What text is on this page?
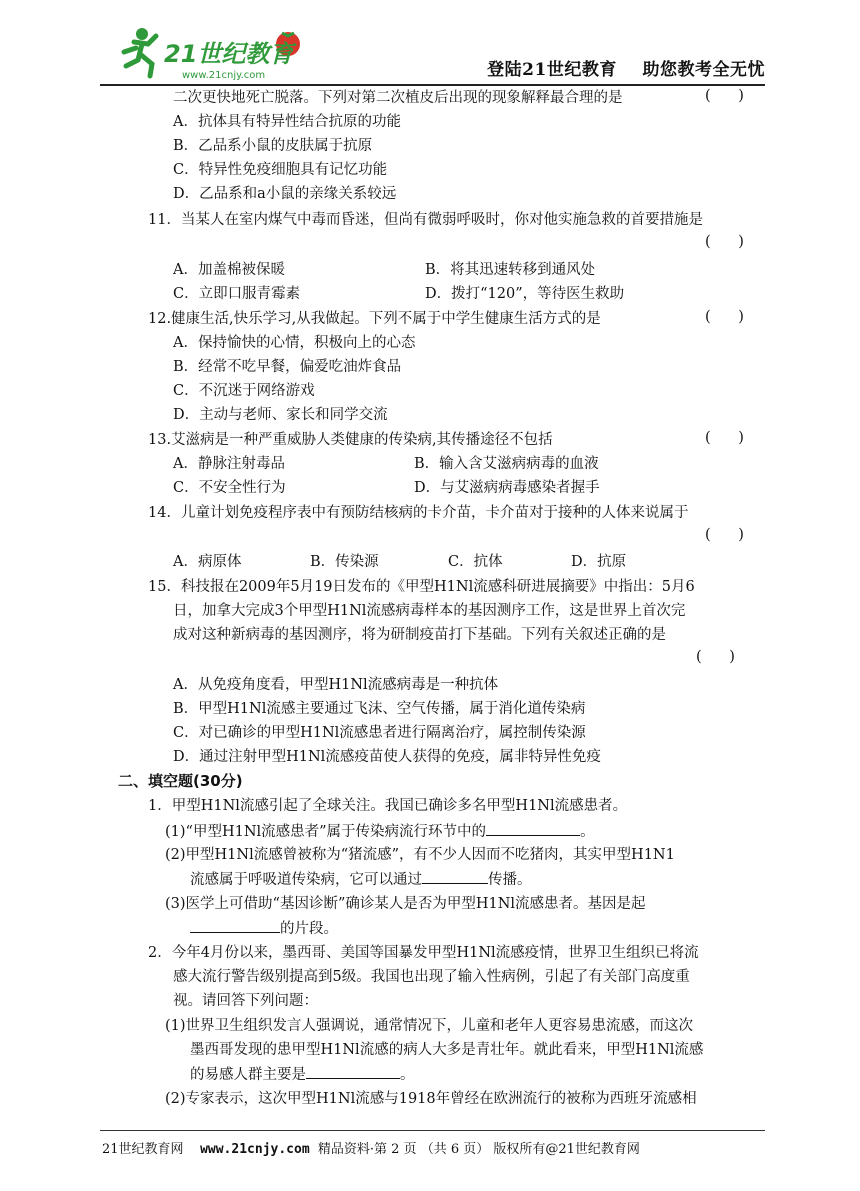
21世纪教育
www.21cnjy.com	登陆21世纪教育    助您教考全无忧
二次更快地死亡脱落。下列对第二次植皮后出现的现象解释最合理的是	(      )
A．抗体具有特异性结合抗原的功能
B．乙品系小鼠的皮肤属于抗原
C．特异性免疫细胞具有记忆功能
D．乙品系和a小鼠的亲缘关系较远
11．当某人在室内煤气中毒而昏迷，但尚有微弱呼吸时，你对他实施急救的首要措施是
(      )
A．加盖棉被保暖	B．将其迅速转移到通风处
C．立即口服青霉素	D．拨打“120”，等待医生救助
12.健康生活,快乐学习,从我做起。下列不属于中学生健康生活方式的是	(      )
A．保持愉快的心情，积极向上的心态
B．经常不吃早餐，偏爱吃油炸食品
C．不沉迷于网络游戏
D．主动与老师、家长和同学交流
13.艾滋病是一种严重威胁人类健康的传染病,其传播途径不包括	(      )
A．静脉注射毒品	B．输入含艾滋病病毒的血液
C．不安全性行为	D．与艾滋病病毒感染者握手
14．儿童计划免疫程序表中有预防结核病的卡介苗，卡介苗对于接种的人体来说属于
(      )
A．病原体	B．传染源	C．抗体	D．抗原
15．科技报在2009年5月19日发布的《甲型H1Nl流感科研进展摘要》中指出：5月6
日，加拿大完成3个甲型H1Nl流感病毒样本的基因测序工作，这是世界上首次完
成对这种新病毒的基因测序，将为研制疫苗打下基础。下列有关叙述正确的是
(      )
A．从免疫角度看，甲型H1Nl流感病毒是一种抗体
B．甲型H1Nl流感主要通过飞沫、空气传播，属于消化道传染病
C．对已确诊的甲型H1Nl流感患者进行隔离治疗，属控制传染源
D．通过注射甲型H1Nl流感疫苗使人获得的免疫，属非特异性免疫
二、填空题(30分)
1．甲型H1Nl流感引起了全球关注。我国已确诊多名甲型H1Nl流感患者。
(1)“甲型H1Nl流感患者”属于传染病流行环节中的	。
(2)甲型H1Nl流感曾被称为“猪流感”，有不少人因而不吃猪肉，其实甲型H1N1
流感属于呼吸道传染病，它可以通过	传播。
(3)医学上可借助“基因诊断”确诊某人是否为甲型H1Nl流感患者。基因是起
的片段。
2．今年4月份以来，墨西哥、美国等国暴发甲型H1Nl流感疫情，世界卫生组织已将流
感大流行警告级别提高到5级。我国也出现了输入性病例，引起了有关部门高度重
视。请回答下列问题：
(1)世界卫生组织发言人强调说，通常情况下，儿童和老年人更容易患流感，而这次
墨西哥发现的患甲型H1Nl流感的病人大多是青壮年。就此看来，甲型H1Nl流感
的易感人群主要是	。
(2)专家表示，这次甲型H1Nl流感与1918年曾经在欧洲流行的被称为西班牙流感相
21世纪教育网 www.21cnjy.com 精品资料·第 2 页 （共 6 页） 版权所有@21世纪教育网
